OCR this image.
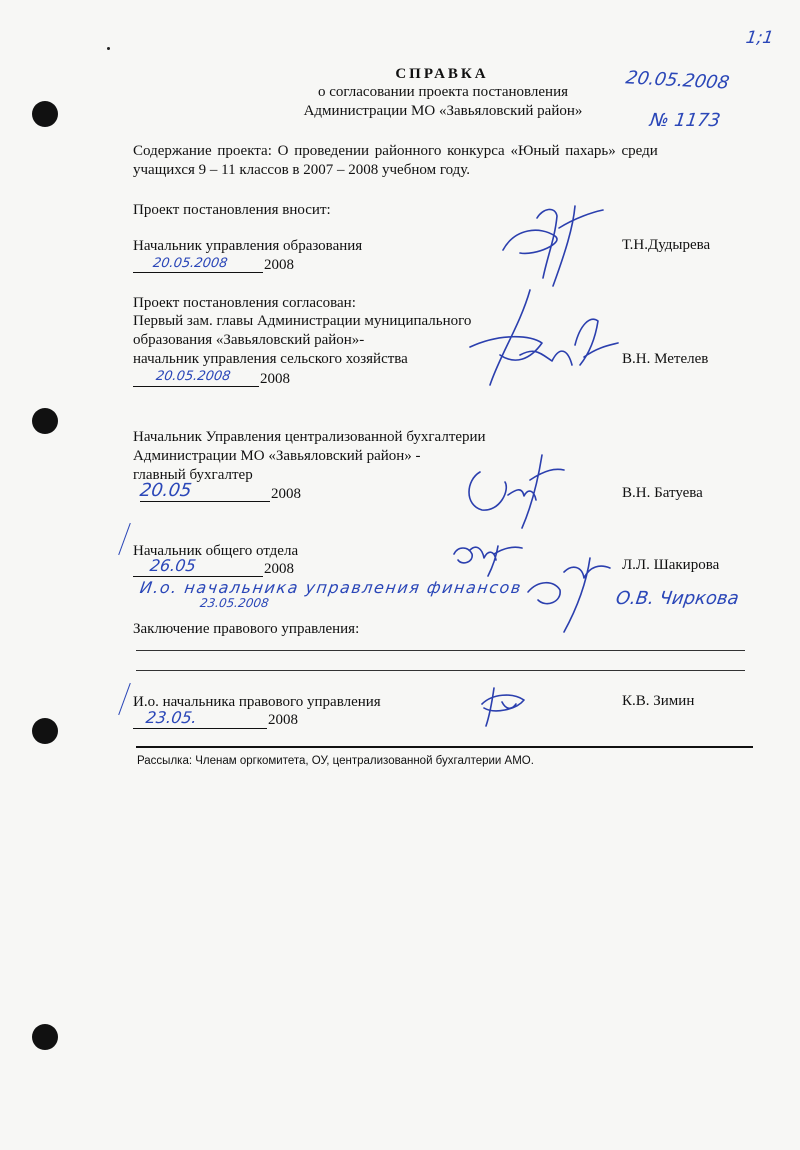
1;1
СПРАВКА
о согласовании проекта постановления
Администрации МО «Завьяловский район»
20.05.2008
№ 1173
Содержание проекта: О проведении районного конкурса «Юный пахарь» среди
учащихся 9 – 11 классов в 2007 – 2008 учебном году.
Проект постановления вносит:
Начальник управления образования
20.05.2008 2008
Т.Н.Дудырева
Проект постановления согласован:
Первый зам. главы Администрации муниципального
образования «Завьяловский район»-
начальник управления сельского хозяйства
20.05.2008 2008
В.Н. Метелев
Начальник Управления централизованной бухгалтерии
Администрации МО «Завьяловский район» -
главный бухгалтер
20.05	2008	В.Н. Батуева
Начальник общего отдела
26.05	2008	Л.Л. Шакирова
И.о. начальника управления финансов
23.05.2008	О.В. Чиркова
Заключение правового управления:
И.о. начальника правового управления
23.05.	2008
К.В. Зимин
Рассылка: Членам оргкомитета, ОУ, централизованной бухгалтерии АМО.
